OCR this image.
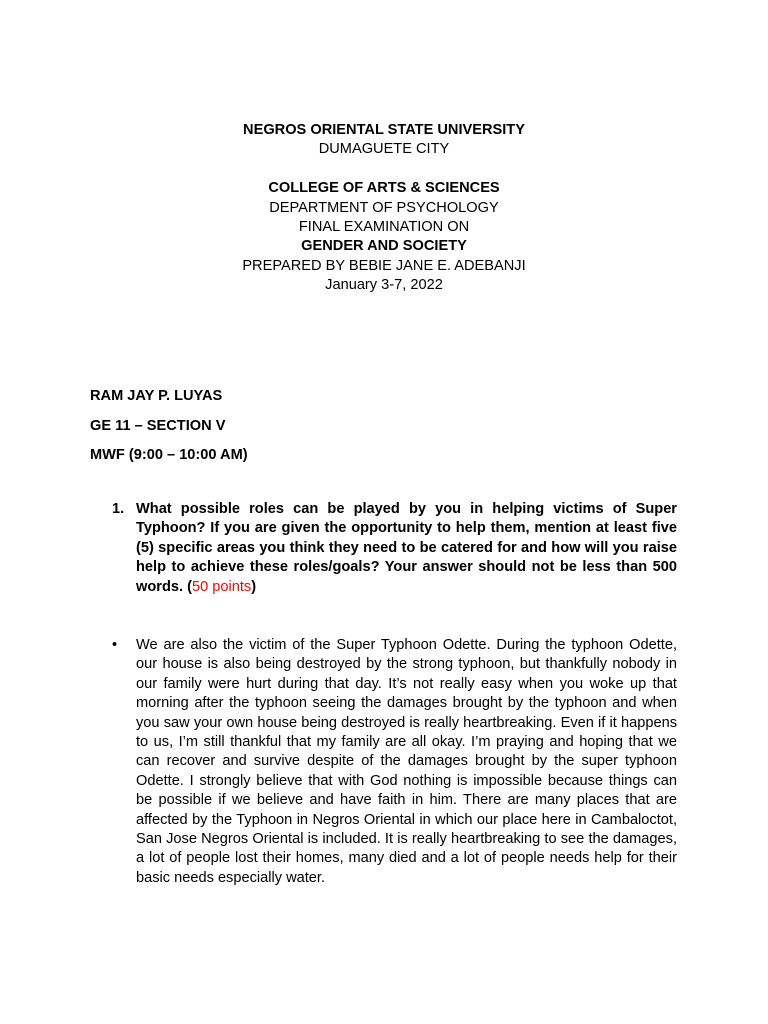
NEGROS ORIENTAL STATE UNIVERSITY
DUMAGUETE CITY
COLLEGE OF ARTS & SCIENCES
DEPARTMENT OF PSYCHOLOGY
FINAL EXAMINATION ON
GENDER AND SOCIETY
PREPARED BY BEBIE JANE E. ADEBANJI
January 3-7, 2022
RAM JAY P. LUYAS
GE 11 – SECTION V
MWF (9:00 – 10:00 AM)
1. What possible roles can be played by you in helping victims of Super Typhoon? If you are given the opportunity to help them, mention at least five (5) specific areas you think they need to be catered for and how will you raise help to achieve these roles/goals? Your answer should not be less than 500 words. (50 points)
•	We are also the victim of the Super Typhoon Odette. During the typhoon Odette, our house is also being destroyed by the strong typhoon, but thankfully nobody in our family were hurt during that day. It’s not really easy when you woke up that morning after the typhoon seeing the damages brought by the typhoon and when you saw your own house being destroyed is really heartbreaking. Even if it happens to us, I’m still thankful that my family are all okay. I’m praying and hoping that we can recover and survive despite of the damages brought by the super typhoon Odette. I strongly believe that with God nothing is impossible because things can be possible if we believe and have faith in him. There are many places that are affected by the Typhoon in Negros Oriental in which our place here in Cambaloctot, San Jose Negros Oriental is included. It is really heartbreaking to see the damages, a lot of people lost their homes, many died and a lot of people needs help for their basic needs especially water.
